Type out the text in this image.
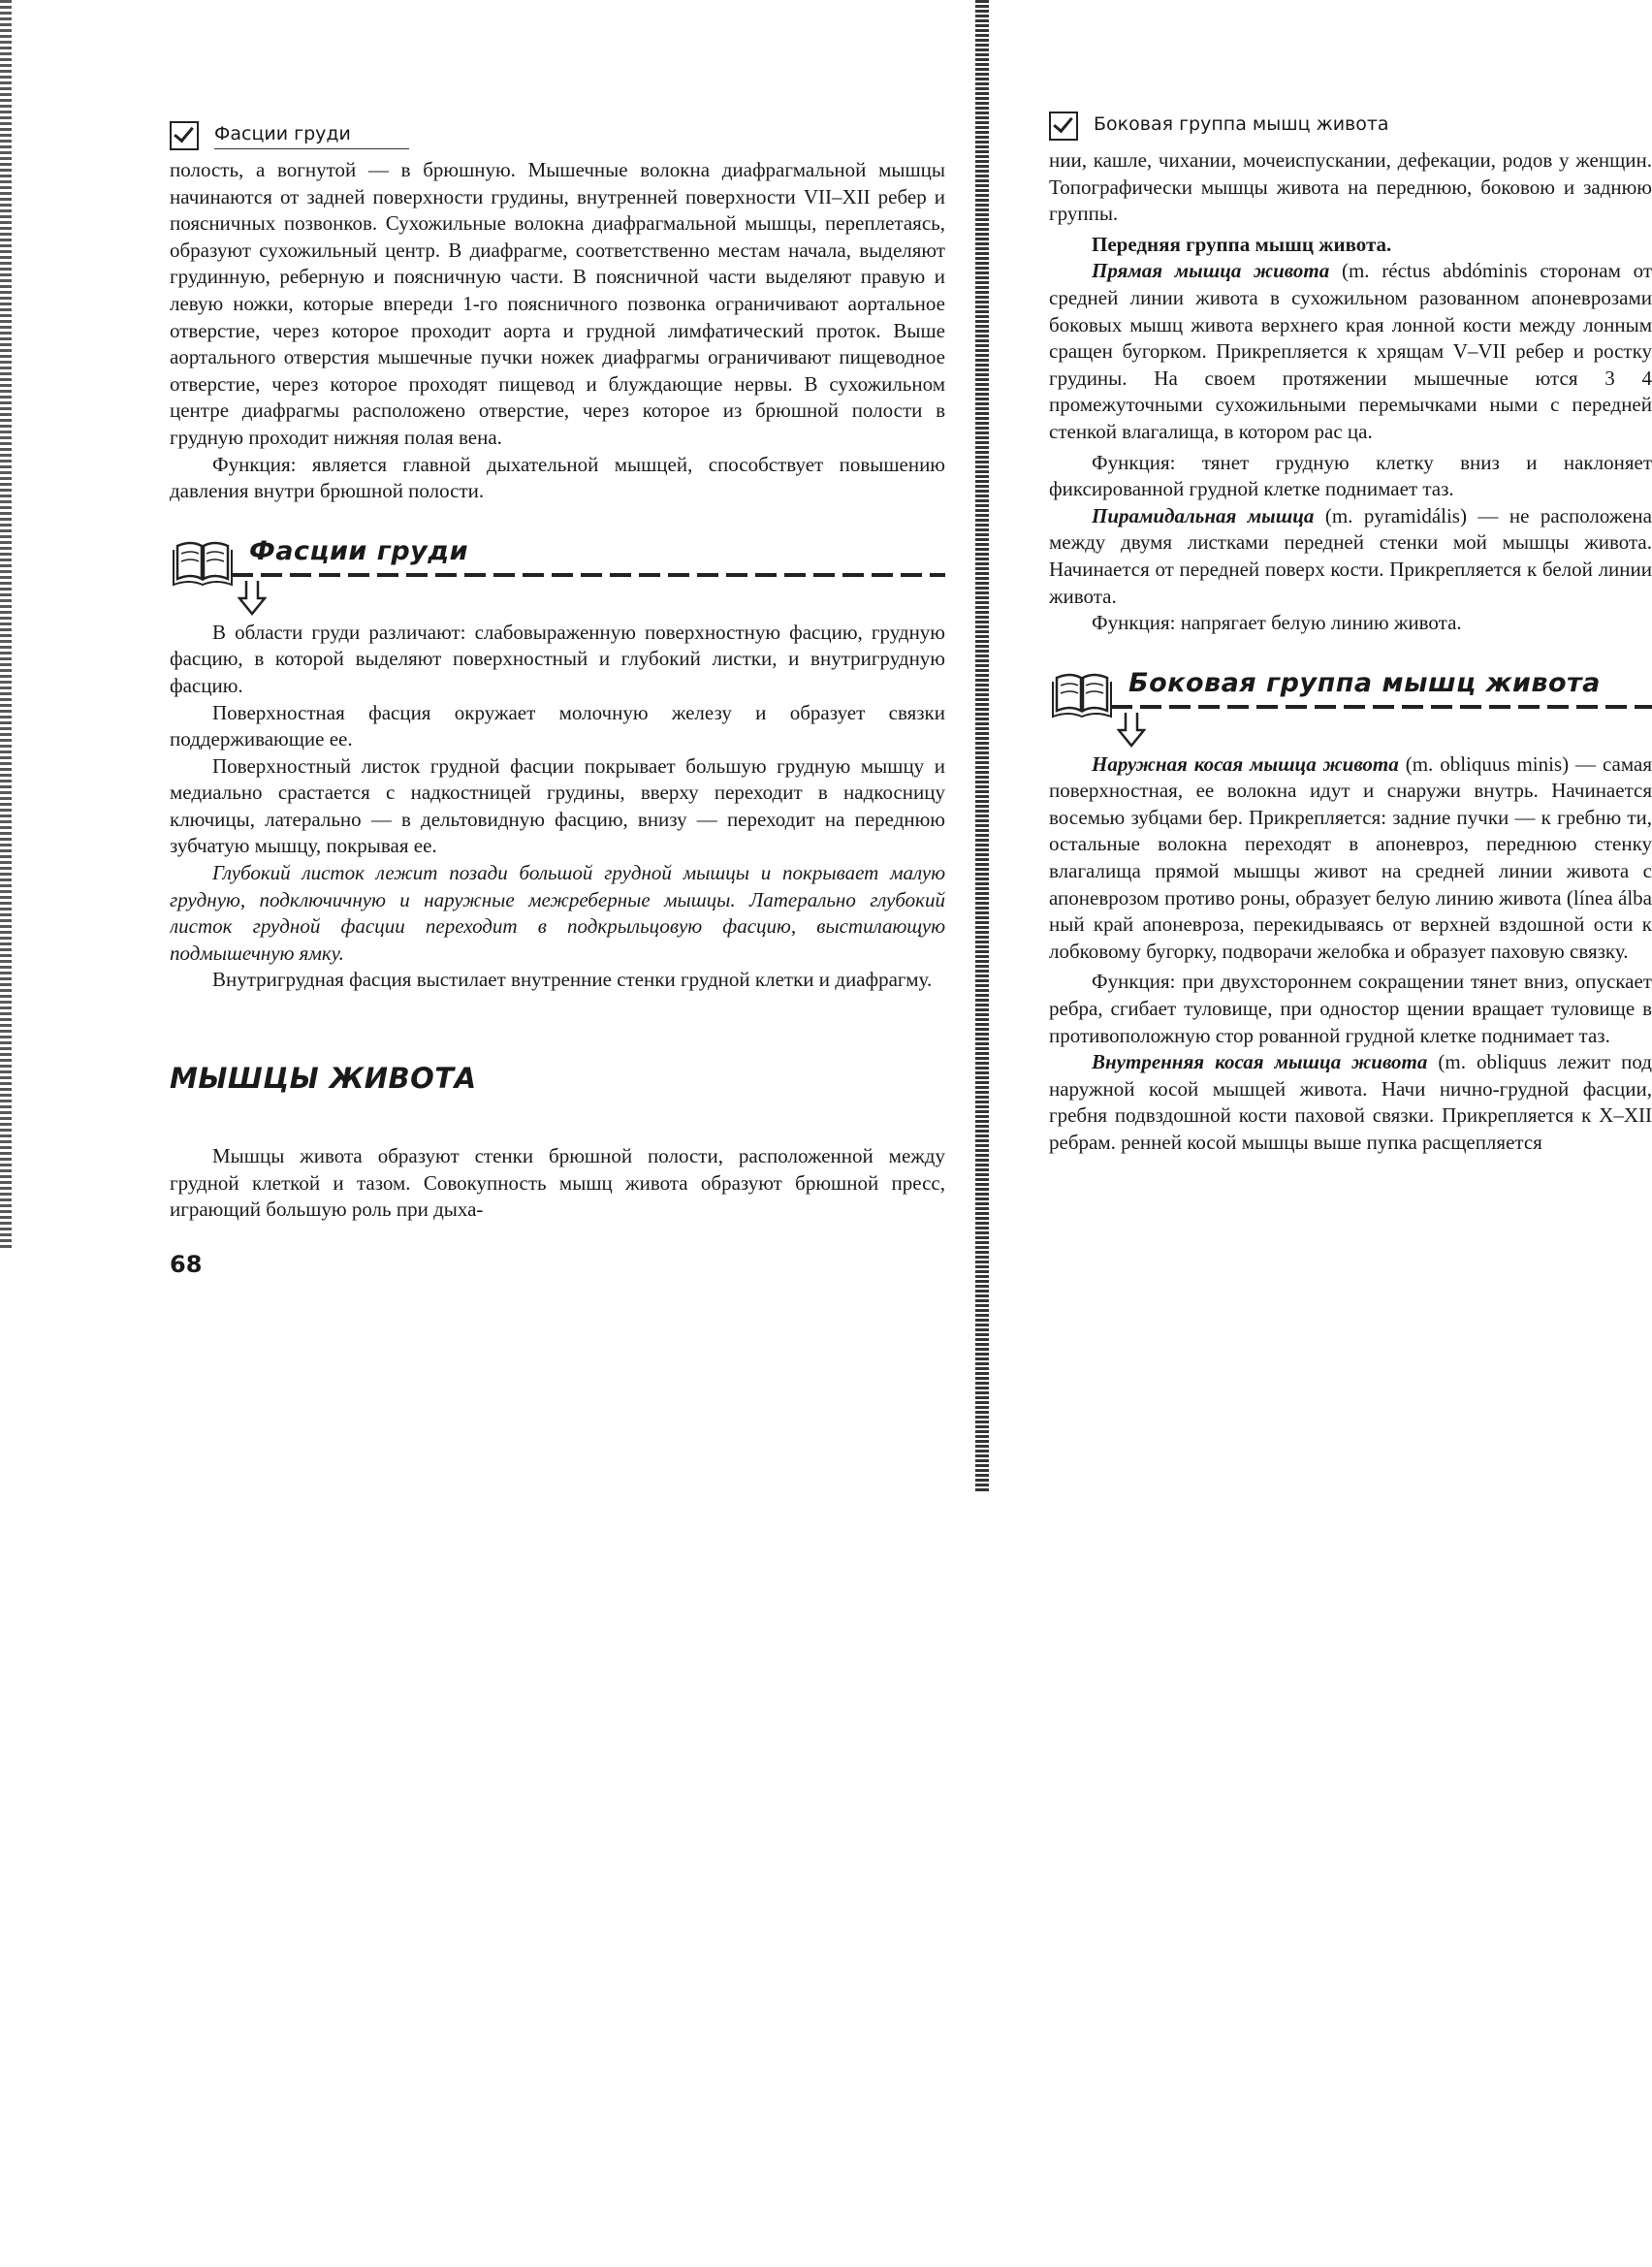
Фасции груди

полость, а вогнутой — в брюшную. Мышечные волокна диафрагмальной мышцы начинаются от задней поверхности грудины, внутренней поверхности VII–XII ребер и поясничных позвонков. Сухожильные волокна диафрагмальной мышцы, переплетаясь, образуют сухожильный центр. В диафрагме, соответственно местам начала, выделяют грудинную, реберную и поясничную части. В поясничной части выделяют правую и левую ножки, которые впереди 1-го поясничного позвонка ограничивают аортальное отверстие, через которое проходит аорта и грудной лимфатический проток. Выше аортального отверстия мышечные пучки ножек диафрагмы ограничивают пищеводное отверстие, через которое проходят пищевод и блуждающие нервы. В сухожильном центре диафрагмы расположено отверстие, через которое из брюшной полости в грудную проходит нижняя полая вена.

Функция: является главной дыхательной мышцей, способствует повышению давления внутри брюшной полости.

Фасции груди

В области груди различают: слабовыраженную поверхностную фасцию, грудную фасцию, в которой выделяют поверхностный и глубокий листки, и внутригрудную фасцию.

Поверхностная фасция окружает молочную железу и образует связки поддерживающие ее.

Поверхностный листок грудной фасции покрывает большую грудную мышцу и медиально срастается с надкостницей грудины, вверху переходит в надкосницу ключицы, латерально — в дельтовидную фасцию, внизу — переходит на переднюю зубчатую мышцу, покрывая ее.

Глубокий листок лежит позади большой грудной мышцы и покрывает малую грудную, подключичную и наружные межреберные мышцы. Латерально глубокий листок грудной фасции переходит в подкрыльцовую фасцию, выстилающую подмышечную ямку.

Внутригрудная фасция выстилает внутренние стенки грудной клетки и диафрагму.

МЫШЦЫ ЖИВОТА

Мышцы живота образуют стенки брюшной полости, расположенной между грудной клеткой и тазом. Совокупность мышц живота образуют брюшной пресс, играющий большую роль при дыха-

68
Боковая группа мышц живота

нии, кашле, чихании, мочеиспускании, дефекации, родов у женщин. Топографически мышцы живота на переднюю, боковою и заднюю группы.

Передняя группа мышц живота.

Прямая мышца живота (m. réctus abdóminis сторонам от средней линии живота в сухожильном разованном апоневрозами боковых мышц живота верхнего края лонной кости между лонным сращен бугорком. Прикрепляется к хрящам V–VII ребер и ростку грудины. На своем протяжении мышечные ются 3 4 промежуточными сухожильными перемычками ными с передней стенкой влагалища, в котором рас ца.

Функция: тянет грудную клетку вниз и наклоняет фиксированной грудной клетке поднимает таз.

Пирамидальная мышца (m. pyramidális) — не расположена между двумя листками передней стенки мой мышцы живота. Начинается от передней поверх кости. Прикрепляется к белой линии живота.

Функция: напрягает белую линию живота.

Боковая группа мышц живота

Наружная косая мышца живота (m. obliquus minis) — самая поверхностная, ее волокна идут и снаружи внутрь. Начинается восемью зубцами бер. Прикрепляется: задние пучки — к гребню ти, остальные волокна переходят в апоневроз, переднюю стенку влагалища прямой мышцы живот на средней линии живота с апоневрозом противо роны, образует белую линию живота (línea álba ный край апоневроза, перекидываясь от верхней вздошной ости к лобковому бугорку, подворачи желобка и образует паховую связку.

Функция: при двухстороннем сокращении тянет вниз, опускает ребра, сгибает туловище, при одностор щении вращает туловище в противоположную стор рованной грудной клетке поднимает таз.

Внутренняя косая мышца живота (m. obliquus лежит под наружной косой мышцей живота. Начи нично-грудной фасции, гребня подвздошной кости паховой связки. Прикрепляется к X–XII ребрам. ренней косой мышцы выше пупка расщепляется
